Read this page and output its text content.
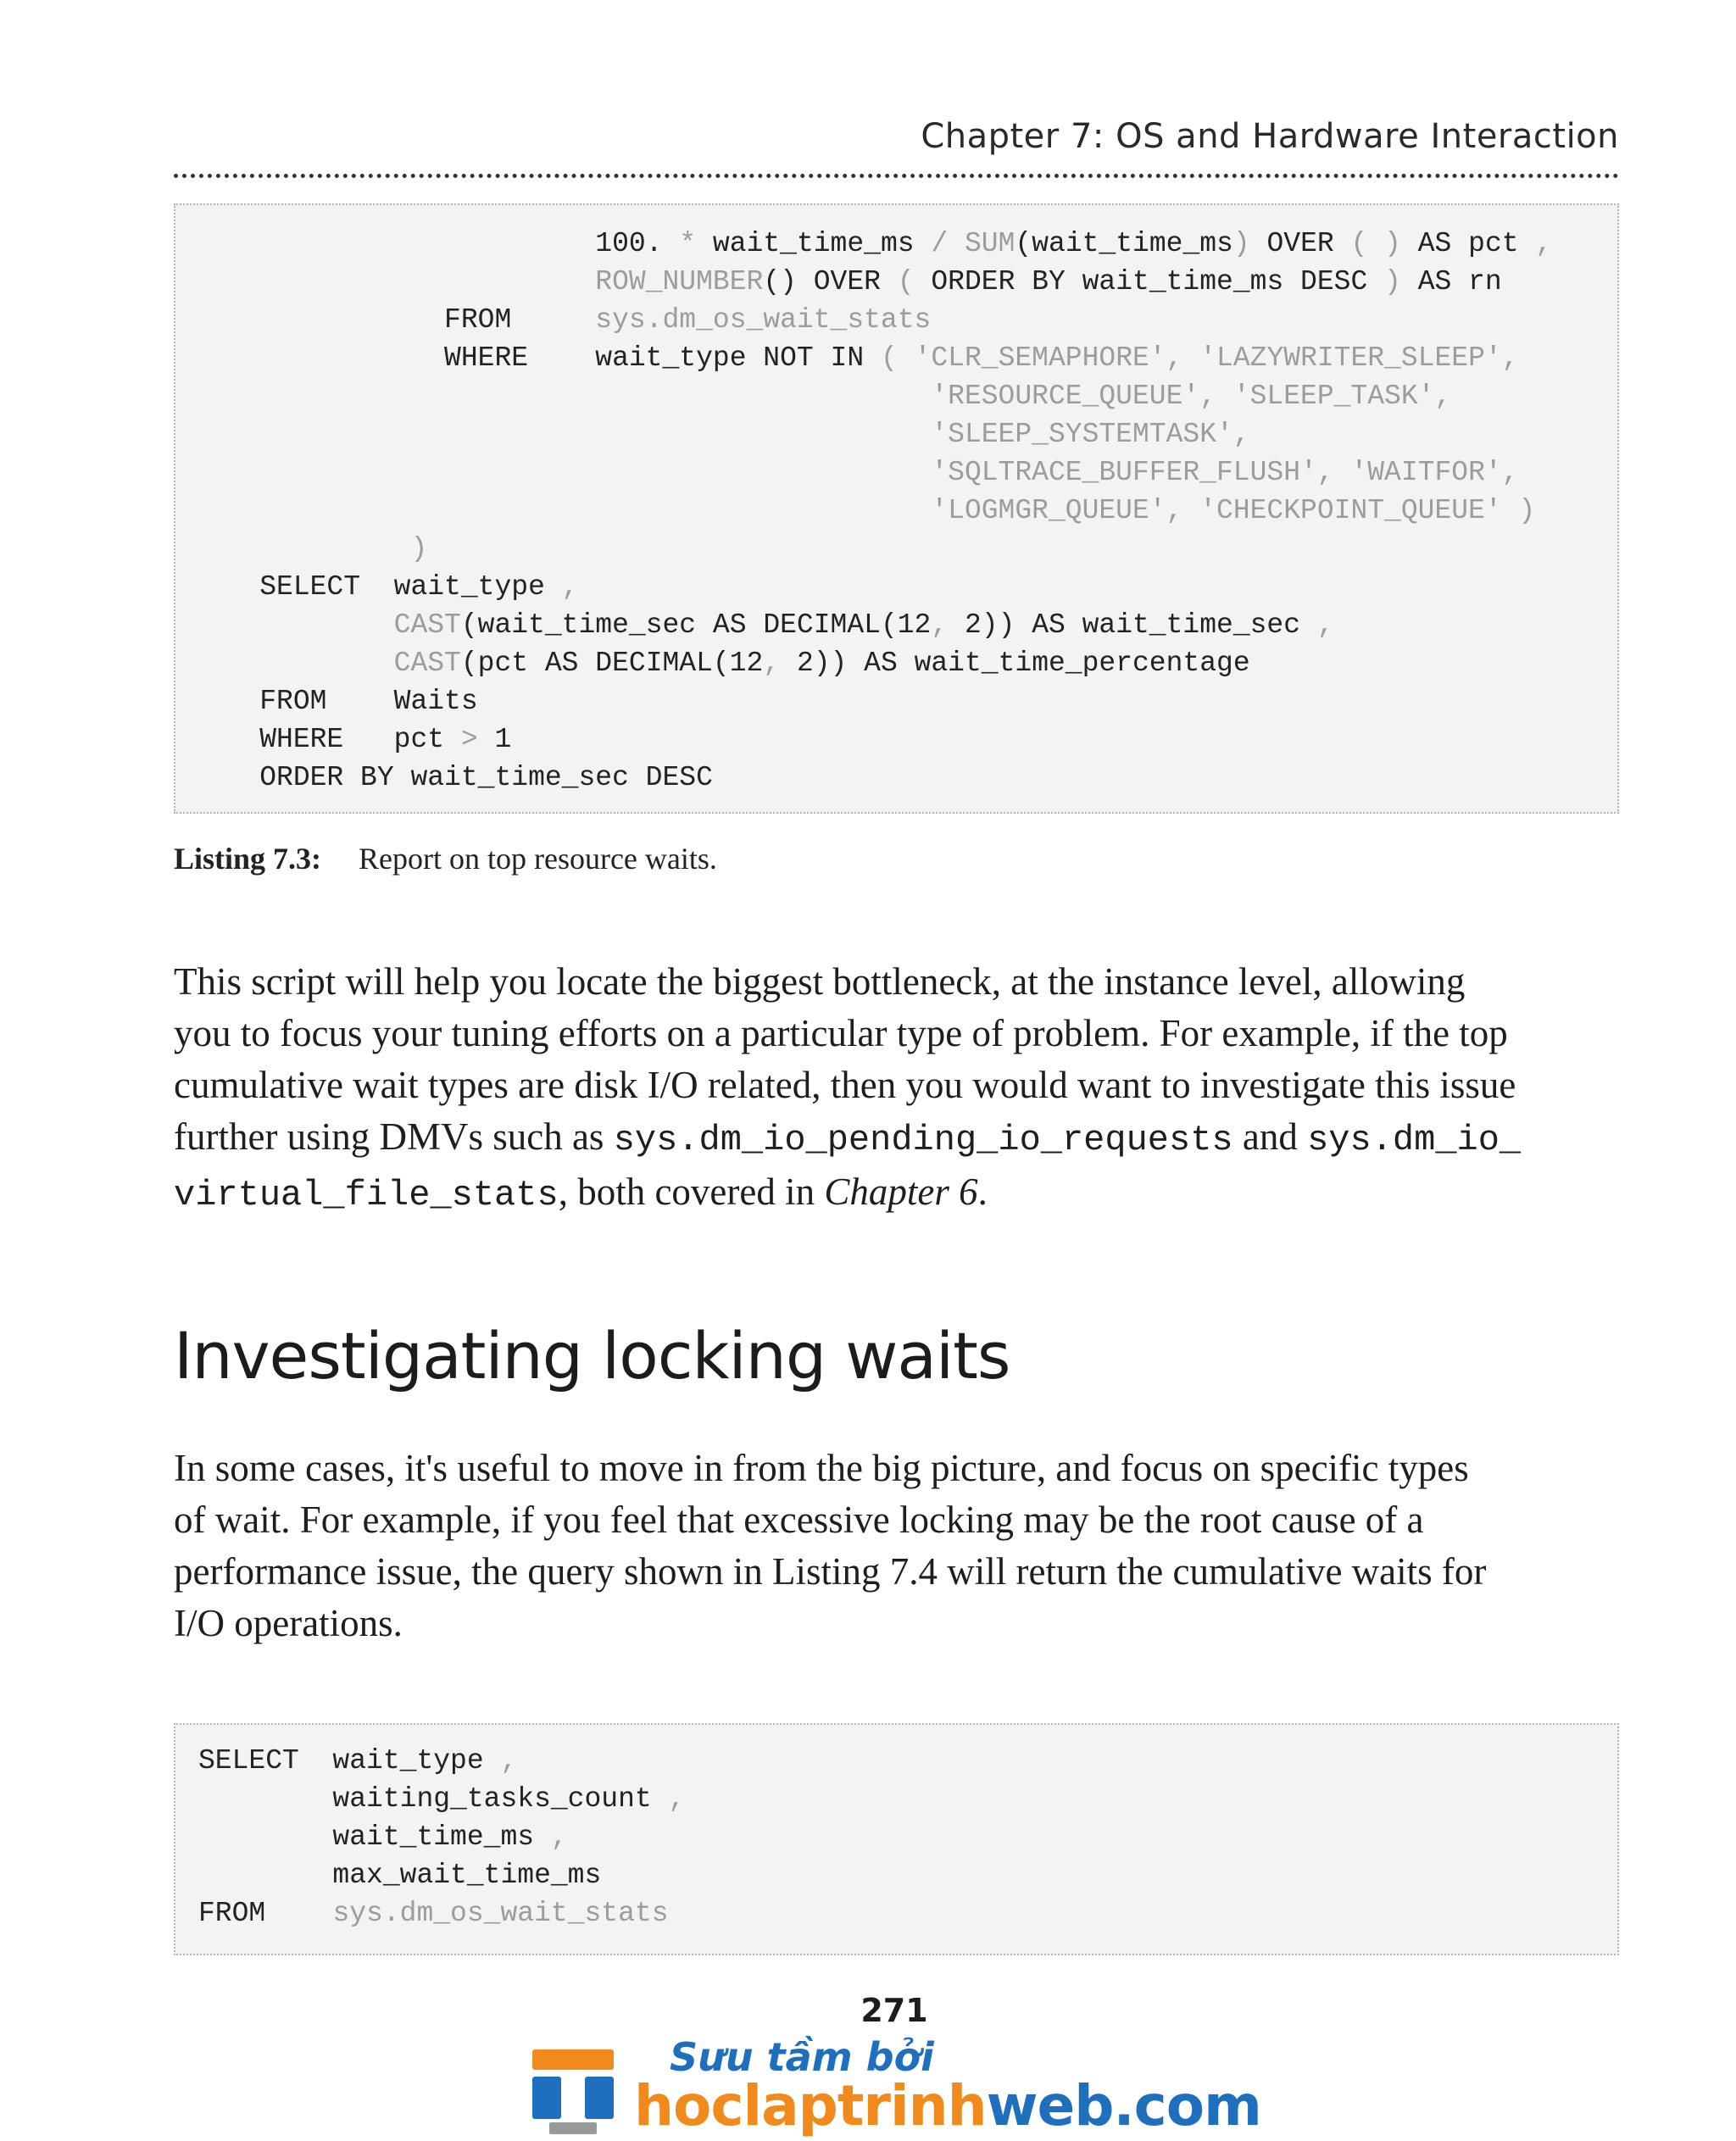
Chapter 7: OS and Hardware Interaction
100. * wait_time_ms / SUM(wait_time_ms) OVER ( ) AS pct ,
ROW_NUMBER() OVER ( ORDER BY wait_time_ms DESC ) AS rn
FROM     sys.dm_os_wait_stats
WHERE    wait_type NOT IN ( 'CLR_SEMAPHORE', 'LAZYWRITER_SLEEP',
'RESOURCE_QUEUE', 'SLEEP_TASK',
'SLEEP_SYSTEMTASK',
'SQLTRACE_BUFFER_FLUSH', 'WAITFOR',
'LOGMGR_QUEUE', 'CHECKPOINT_QUEUE' )
)
SELECT  wait_type ,
CAST(wait_time_sec AS DECIMAL(12, 2)) AS wait_time_sec ,
CAST(pct AS DECIMAL(12, 2)) AS wait_time_percentage
FROM    Waits
WHERE   pct > 1
ORDER BY wait_time_sec DESC
Listing 7.3: Report on top resource waits.
This script will help you locate the biggest bottleneck, at the instance level, allowing
you to focus your tuning efforts on a particular type of problem. For example, if the top
cumulative wait types are disk I/O related, then you would want to investigate this issue
further using DMVs such as sys.dm_io_pending_io_requests and sys.dm_io_
virtual_file_stats, both covered in Chapter 6.
Investigating locking waits
In some cases, it's useful to move in from the big picture, and focus on specific types
of wait. For example, if you feel that excessive locking may be the root cause of a
performance issue, the query shown in Listing 7.4 will return the cumulative waits for
I/O operations.
SELECT  wait_type ,
waiting_tasks_count ,
wait_time_ms ,
max_wait_time_ms
FROM    sys.dm_os_wait_stats
271
Sưu tầm bởi
hoclaptrinhweb.com
